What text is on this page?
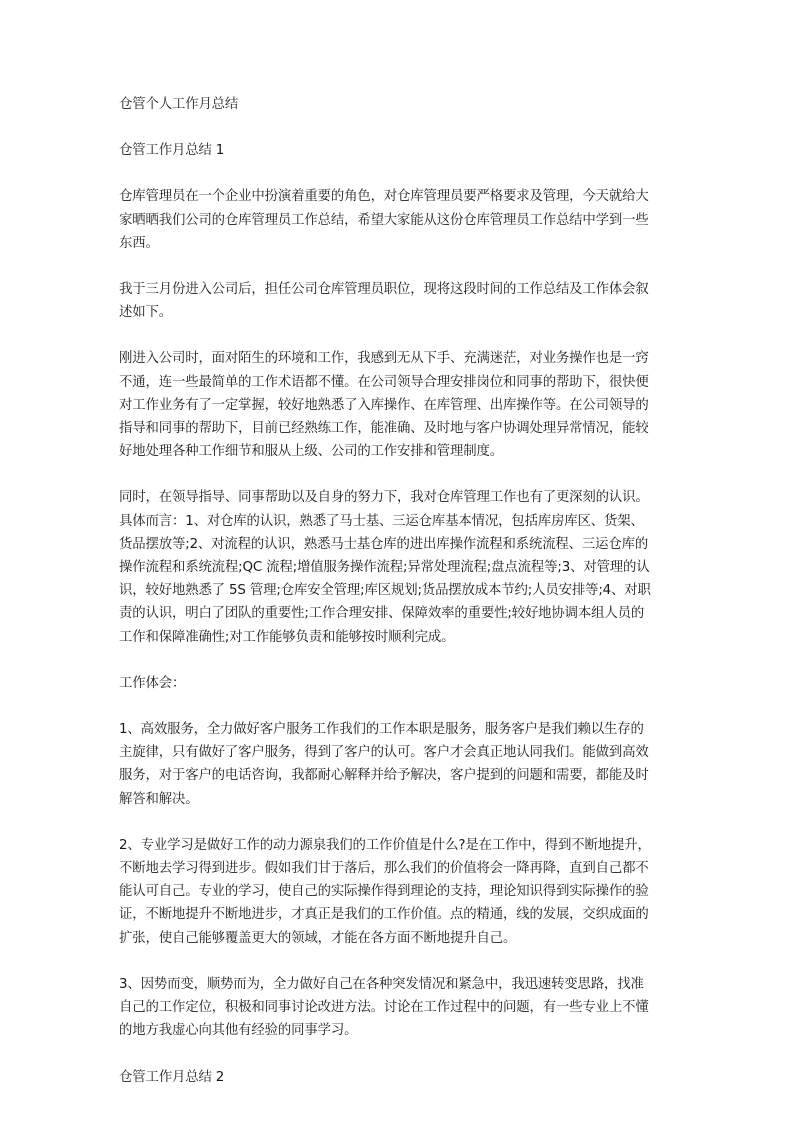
仓管个人工作月总结

仓管工作月总结 1

仓库管理员在一个企业中扮演着重要的角色，对仓库管理员要严格要求及管理，今天就给大
家晒晒我们公司的仓库管理员工作总结，希望大家能从这份仓库管理员工作总结中学到一些
东西。

我于三月份进入公司后，担任公司仓库管理员职位，现将这段时间的工作总结及工作体会叙
述如下。

刚进入公司时，面对陌生的环境和工作，我感到无从下手、充满迷茫，对业务操作也是一窍
不通，连一些最简单的工作术语都不懂。在公司领导合理安排岗位和同事的帮助下，很快便
对工作业务有了一定掌握，较好地熟悉了入库操作、在库管理、出库操作等。在公司领导的
指导和同事的帮助下，目前已经熟练工作，能准确、及时地与客户协调处理异常情况，能较
好地处理各种工作细节和服从上级、公司的工作安排和管理制度。

同时，在领导指导、同事帮助以及自身的努力下，我对仓库管理工作也有了更深刻的认识。
具体而言：1、对仓库的认识，熟悉了马士基、三运仓库基本情况，包括库房库区、货架、
货品摆放等;2、对流程的认识，熟悉马士基仓库的进出库操作流程和系统流程、三运仓库的
操作流程和系统流程;QC 流程;增值服务操作流程;异常处理流程;盘点流程等;3、对管理的认
识，较好地熟悉了 5S 管理;仓库安全管理;库区规划;货品摆放成本节约;人员安排等;4、对职
责的认识，明白了团队的重要性;工作合理安排、保障效率的重要性;较好地协调本组人员的
工作和保障准确性;对工作能够负责和能够按时顺利完成。

工作体会：

1、高效服务，全力做好客户服务工作我们的工作本职是服务，服务客户是我们赖以生存的
主旋律，只有做好了客户服务，得到了客户的认可。客户才会真正地认同我们。能做到高效
服务，对于客户的电话咨询，我都耐心解释并给予解决，客户提到的问题和需要，都能及时
解答和解决。

2、专业学习是做好工作的动力源泉我们的工作价值是什么?是在工作中，得到不断地提升，
不断地去学习得到进步。假如我们甘于落后，那么我们的价值将会一降再降，直到自己都不
能认可自己。专业的学习，使自己的实际操作得到理论的支持，理论知识得到实际操作的验
证，不断地提升不断地进步，才真正是我们的工作价值。点的精通，线的发展，交织成面的
扩张，使自己能够覆盖更大的领域，才能在各方面不断地提升自己。

3、因势而变，顺势而为，全力做好自己在各种突发情况和紧急中，我迅速转变思路，找准
自己的工作定位，积极和同事讨论改进方法。讨论在工作过程中的问题，有一些专业上不懂
的地方我虚心向其他有经验的同事学习。

仓管工作月总结 2
